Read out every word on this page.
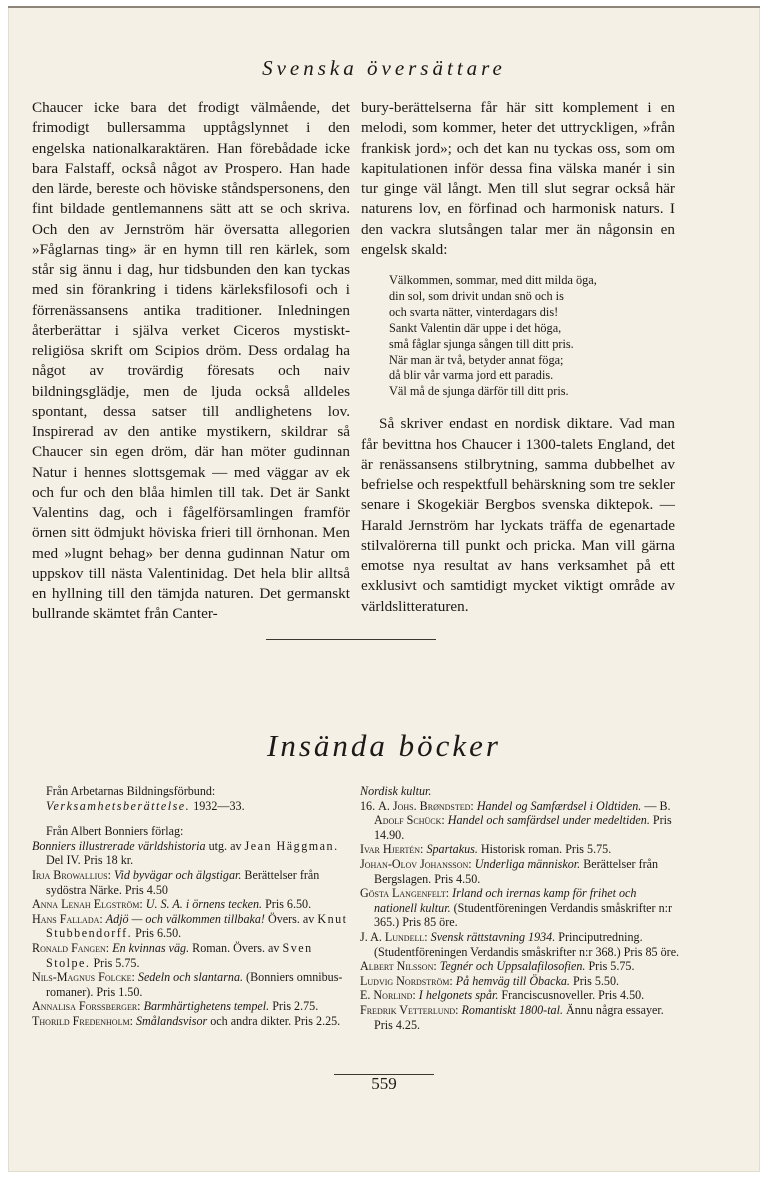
Svenska översättare

Chaucer icke bara det frodigt välmående, det frimodigt bullersamma upptågslynnet i den engelska nationalkaraktären. Han förebådade icke bara Falstaff, också något av Prospero. Han hade den lärde, bereste och höviske ståndspersonens, den fint bildade gentlemannens sätt att se och skriva. Och den av Jernström här översatta allegorien »Fåglarnas ting» är en hymn till ren kärlek, som står sig ännu i dag, hur tidsbunden den kan tyckas med sin förankring i tidens kärleksfilosofi och i förrenässansens antika traditioner. Inledningen återberättar i själva verket Ciceros mystiskt-religiösa skrift om Scipios dröm. Dess ordalag ha något av trovärdig föresats och naiv bildningsglädje, men de ljuda också alldeles spontant, dessa satser till andlighetens lov. Inspirerad av den antike mystikern, skildrar så Chaucer sin egen dröm, där han möter gudinnan Natur i hennes slottsgemak — med väggar av ek och fur och den blåa himlen till tak. Det är Sankt Valentins dag, och i fågelförsamlingen framför örnen sitt ödmjukt höviska frieri till örnhonan. Men med »lugnt behag» ber denna gudinnan Natur om uppskov till nästa Valentinidag. Det hela blir alltså en hyllning till den tämjda naturen. Det germanskt bullrande skämtet från Canter-

bury-berättelserna får här sitt komplement i en melodi, som kommer, heter det uttryckligen, »från frankisk jord»; och det kan nu tyckas oss, som om kapitulationen inför dessa fina välska manér i sin tur ginge väl långt. Men till slut segrar också här naturens lov, en förfinad och harmonisk naturs. I den vackra slutsången talar mer än någonsin en engelsk skald:

Välkommen, sommar, med ditt milda öga,
din sol, som drivit undan snö och is
och svarta nätter, vinterdagars dis!
Sankt Valentin där uppe i det höga,
små fåglar sjunga sången till ditt pris.
När man är två, betyder annat föga;
då blir vår varma jord ett paradis.
Väl må de sjunga därför till ditt pris.

Så skriver endast en nordisk diktare. Vad man får bevittna hos Chaucer i 1300-talets England, det är renässansens stilbrytning, samma dubbelhet av befrielse och respektfull behärskning som tre sekler senare i Skogekiär Bergbos svenska diktepok. — Harald Jernström har lyckats träffa de egenartade stilvalörerna till punkt och pricka. Man vill gärna emotse nya resultat av hans verksamhet på ett exklusivt och samtidigt mycket viktigt område av världslitteraturen.

Insända böcker

Från Arbetarnas Bildningsförbund:

Verksamhetsberättelse. 1932—33.

Från Albert Bonniers förlag:

Bonniers illustrerade världshistoria utg. av Jean Häggman. Del IV. Pris 18 kr.

Irja Browallius: Vid byvägar och älgstigar. Berättelser från sydöstra Närke. Pris 4.50

Anna Lenah Elgström: U. S. A. i örnens tecken. Pris 6.50.

Hans Fallada: Adjö — och välkommen tillbaka! Övers. av Knut Stubbendorff. Pris 6.50.

Ronald Fangen: En kvinnas väg. Roman. Övers. av Sven Stolpe. Pris 5.75.

Nils-Magnus Folcke: Sedeln och slantarna. (Bonniers omnibus-romaner). Pris 1.50.

Annalisa Forssberger: Barmhärtighetens tempel. Pris 2.75.

Thorild Fredenholm: Smålandsvisor och andra dikter. Pris 2.25.

Nordisk kultur.

16. A. Johs. Brøndsted: Handel og Samfærdsel i Oldtiden. — B. Adolf Schück: Handel och samfärdsel under medeltiden. Pris 14.90.

Ivar Hjertén: Spartakus. Historisk roman. Pris 5.75.

Johan-Olov Johansson: Underliga människor. Berättelser från Bergslagen. Pris 4.50.

Gösta Langenfelt: Irland och irernas kamp för frihet och nationell kultur. (Studentföreningen Verdandis småskrifter n:r 365.) Pris 85 öre.

J. A. Lundell: Svensk rättstavning 1934. Principutredning. (Studentföreningen Verdandis småskrifter n:r 368.) Pris 85 öre.

Albert Nilsson: Tegnér och Uppsalafilosofien. Pris 5.75.

Ludvig Nordström: På hemväg till Öbacka. Pris 5.50.

E. Norlind: I helgonets spår. Franciscusnoveller. Pris 4.50.

Fredrik Vetterlund: Romantiskt 1800-tal. Ännu några essayer. Pris 4.25.

559
